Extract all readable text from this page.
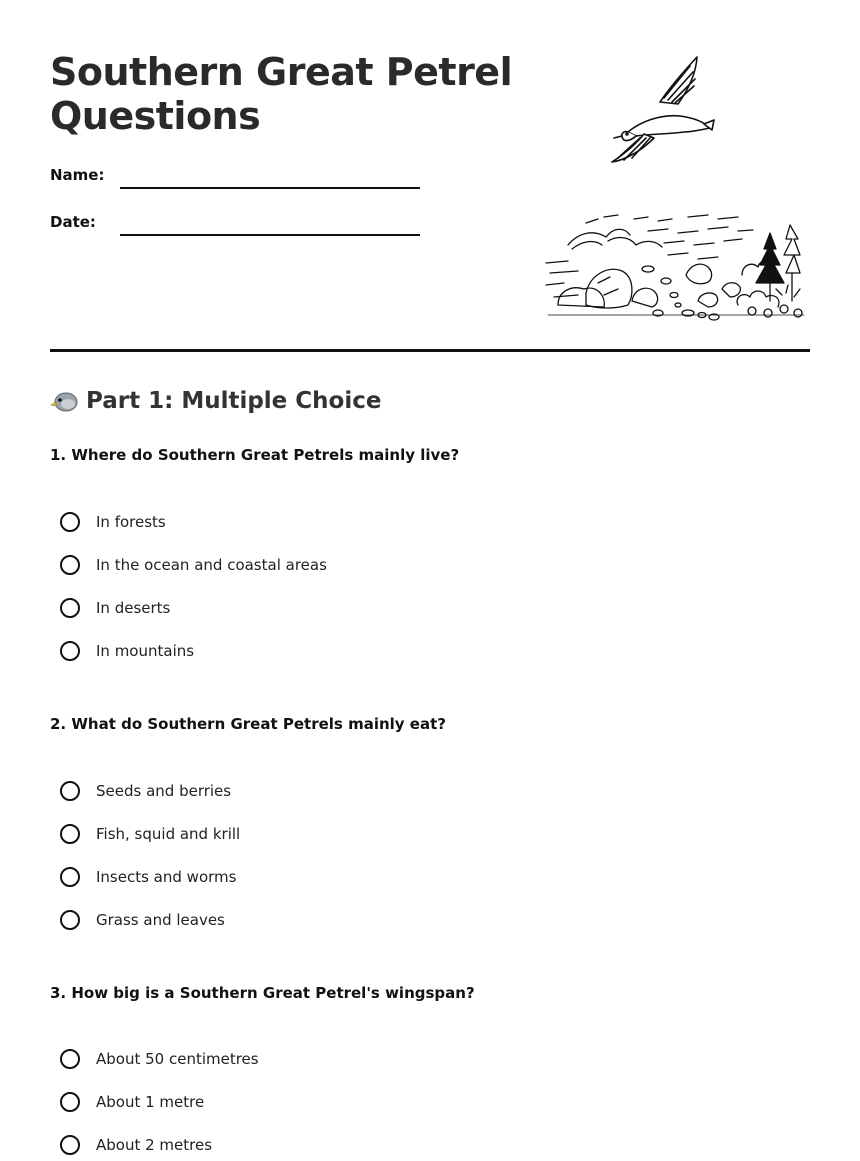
Southern Great Petrel
Questions
Name:
Date:
Part 1: Multiple Choice
1. Where do Southern Great Petrels mainly live?
In forests
In the ocean and coastal areas
In deserts
In mountains
2. What do Southern Great Petrels mainly eat?
Seeds and berries
Fish, squid and krill
Insects and worms
Grass and leaves
3. How big is a Southern Great Petrel's wingspan?
About 50 centimetres
About 1 metre
About 2 metres
